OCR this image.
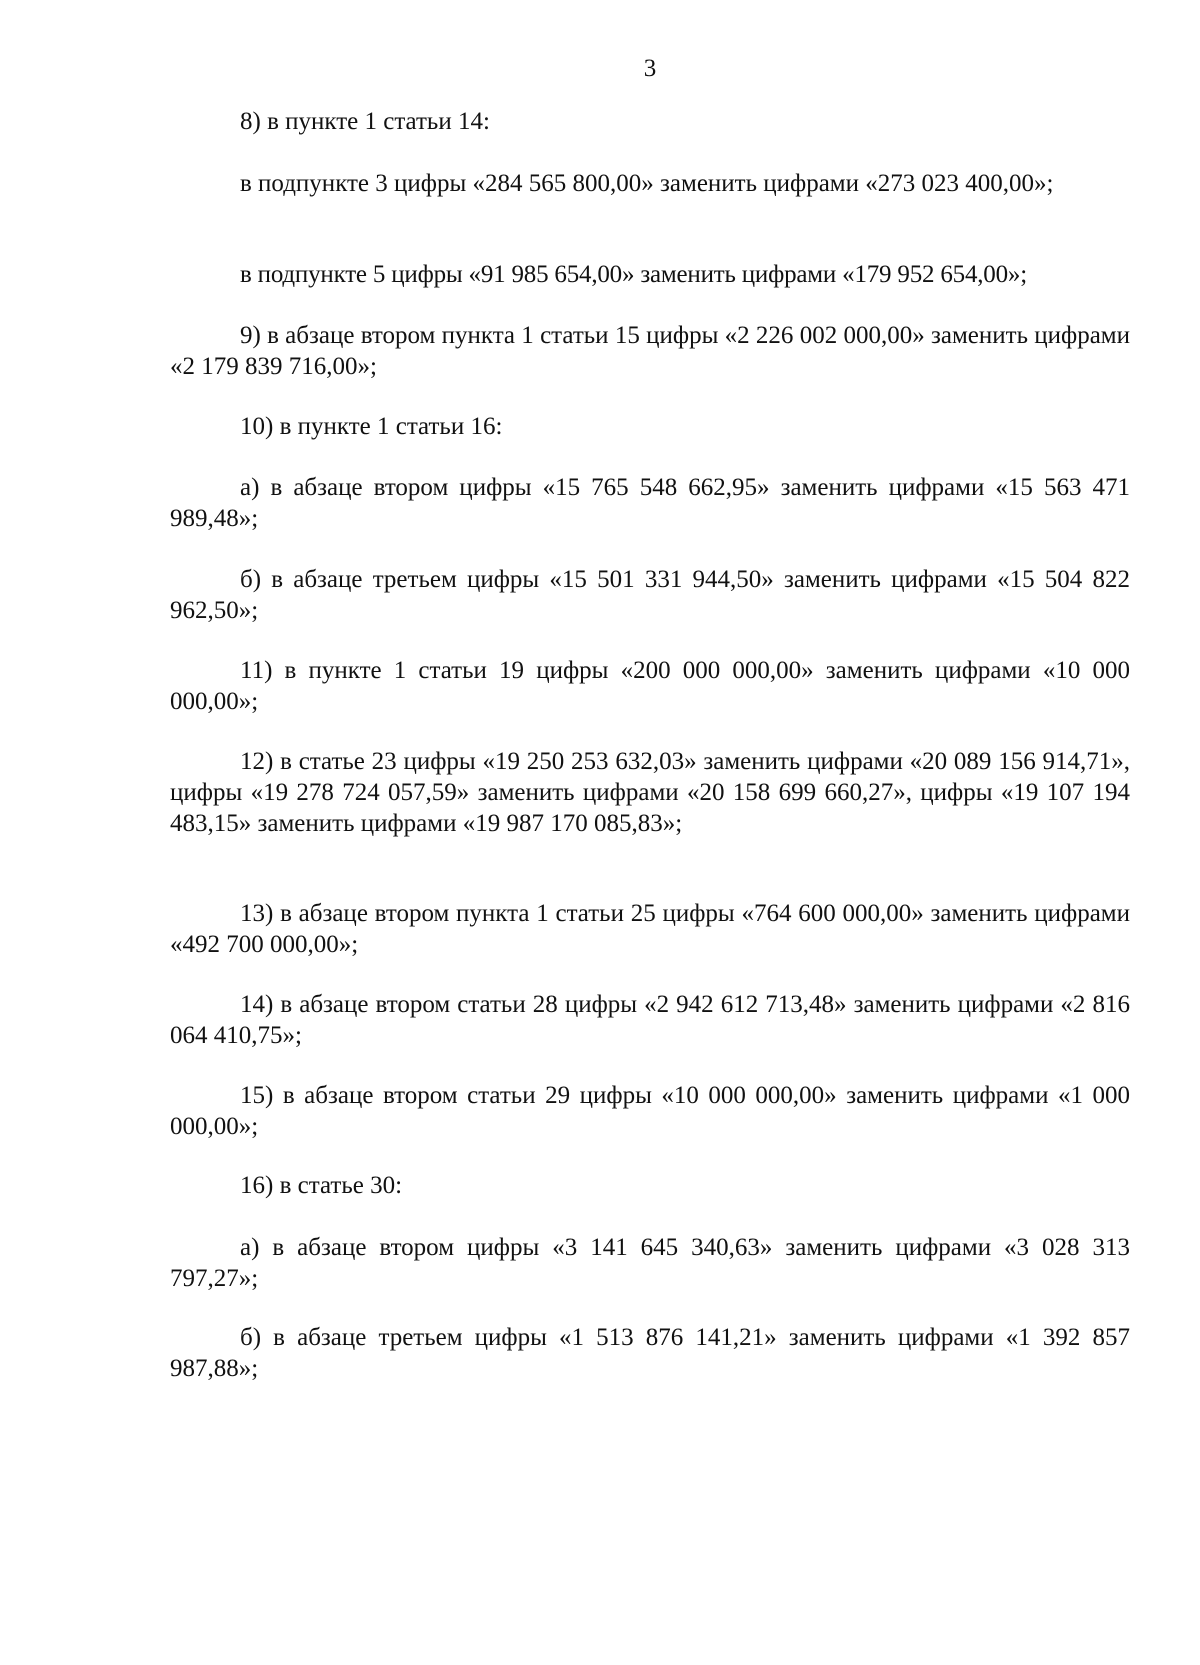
3

8) в пункте 1 статьи 14:

в подпункте 3 цифры «284 565 800,00» заменить цифрами «273 023 400,00»;

в подпункте 5 цифры «91 985 654,00» заменить цифрами «179 952 654,00»;

9) в абзаце втором пункта 1 статьи 15 цифры «2 226 002 000,00» заменить цифрами «2 179 839 716,00»;

10) в пункте 1 статьи 16:

а) в абзаце втором цифры «15 765 548 662,95» заменить цифрами «15 563 471 989,48»;

б) в абзаце третьем цифры «15 501 331 944,50» заменить цифрами «15 504 822 962,50»;

11) в пункте 1 статьи 19 цифры «200 000 000,00» заменить цифрами «10 000 000,00»;

12) в статье 23 цифры «19 250 253 632,03» заменить цифрами «20 089 156 914,71», цифры «19 278 724 057,59» заменить цифрами «20 158 699 660,27», цифры «19 107 194 483,15» заменить цифрами «19 987 170 085,83»;

13) в абзаце втором пункта 1 статьи 25 цифры «764 600 000,00» заменить цифрами «492 700 000,00»;

14) в абзаце втором статьи 28 цифры «2 942 612 713,48» заменить цифрами «2 816 064 410,75»;

15) в абзаце втором статьи 29 цифры «10 000 000,00» заменить цифрами «1 000 000,00»;

16) в статье 30:

а) в абзаце втором цифры «3 141 645 340,63» заменить цифрами «3 028 313 797,27»;

б) в абзаце третьем цифры «1 513 876 141,21» заменить цифрами «1 392 857 987,88»;
